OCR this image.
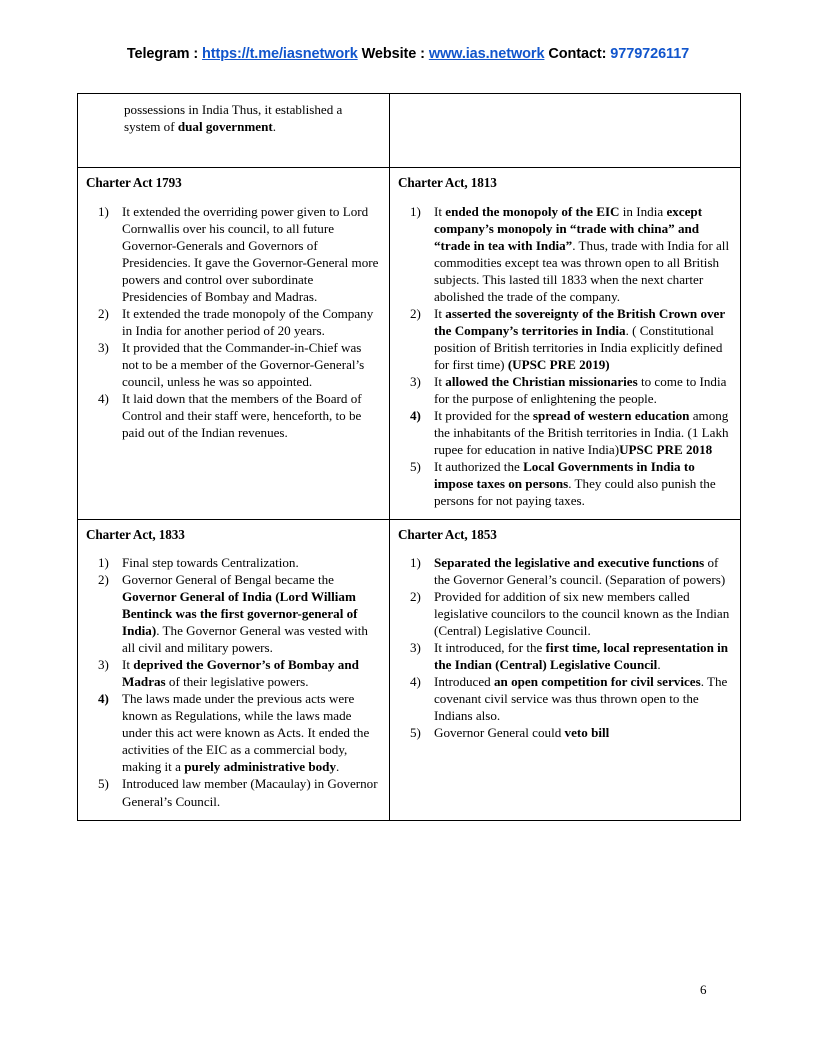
Telegram : https://t.me/iasnetwork Website : www.ias.network Contact: 9779726117
possessions in India Thus, it established a system of dual government.	

Charter Act 1793
1) It extended the overriding power given to Lord Cornwallis over his council, to all future Governor-Generals and Governors of Presidencies. It gave the Governor-General more powers and control over subordinate Presidencies of Bombay and Madras.
2) It extended the trade monopoly of the Company in India for another period of 20 years.
3) It provided that the Commander-in-Chief was not to be a member of the Governor-General’s council, unless he was so appointed.
4) It laid down that the members of the Board of Control and their staff were, henceforth, to be paid out of the Indian revenues.

Charter Act, 1813
1) It ended the monopoly of the EIC in India except company’s monopoly in “trade with china” and “trade in tea with India”. Thus, trade with India for all commodities except tea was thrown open to all British subjects. This lasted till 1833 when the next charter abolished the trade of the company.
2) It asserted the sovereignty of the British Crown over the Company’s territories in India. ( Constitutional position of British territories in India explicitly defined for first time) (UPSC PRE 2019)
3) It allowed the Christian missionaries to come to India for the purpose of enlightening the people.
4) It provided for the spread of western education among the inhabitants of the British territories in India. (1 Lakh rupee for education in native India)UPSC PRE 2018
5) It authorized the Local Governments in India to impose taxes on persons. They could also punish the persons for not paying taxes.

Charter Act, 1833
1) Final step towards Centralization.
2) Governor General of Bengal became the Governor General of India (Lord William Bentinck was the first governor-general of India). The Governor General was vested with all civil and military powers.
3) It deprived the Governor’s of Bombay and Madras of their legislative powers.
4) The laws made under the previous acts were known as Regulations, while the laws made under this act were known as Acts. It ended the activities of the EIC as a commercial body, making it a purely administrative body.
5) Introduced law member (Macaulay) in Governor General’s Council.

Charter Act, 1853
1) Separated the legislative and executive functions of the Governor General’s council. (Separation of powers)
2) Provided for addition of six new members called legislative councilors to the council known as the Indian (Central) Legislative Council.
3) It introduced, for the first time, local representation in the Indian (Central) Legislative Council.
4) Introduced an open competition for civil services. The covenant civil service was thus thrown open to the Indians also.
5) Governor General could veto bill
6
